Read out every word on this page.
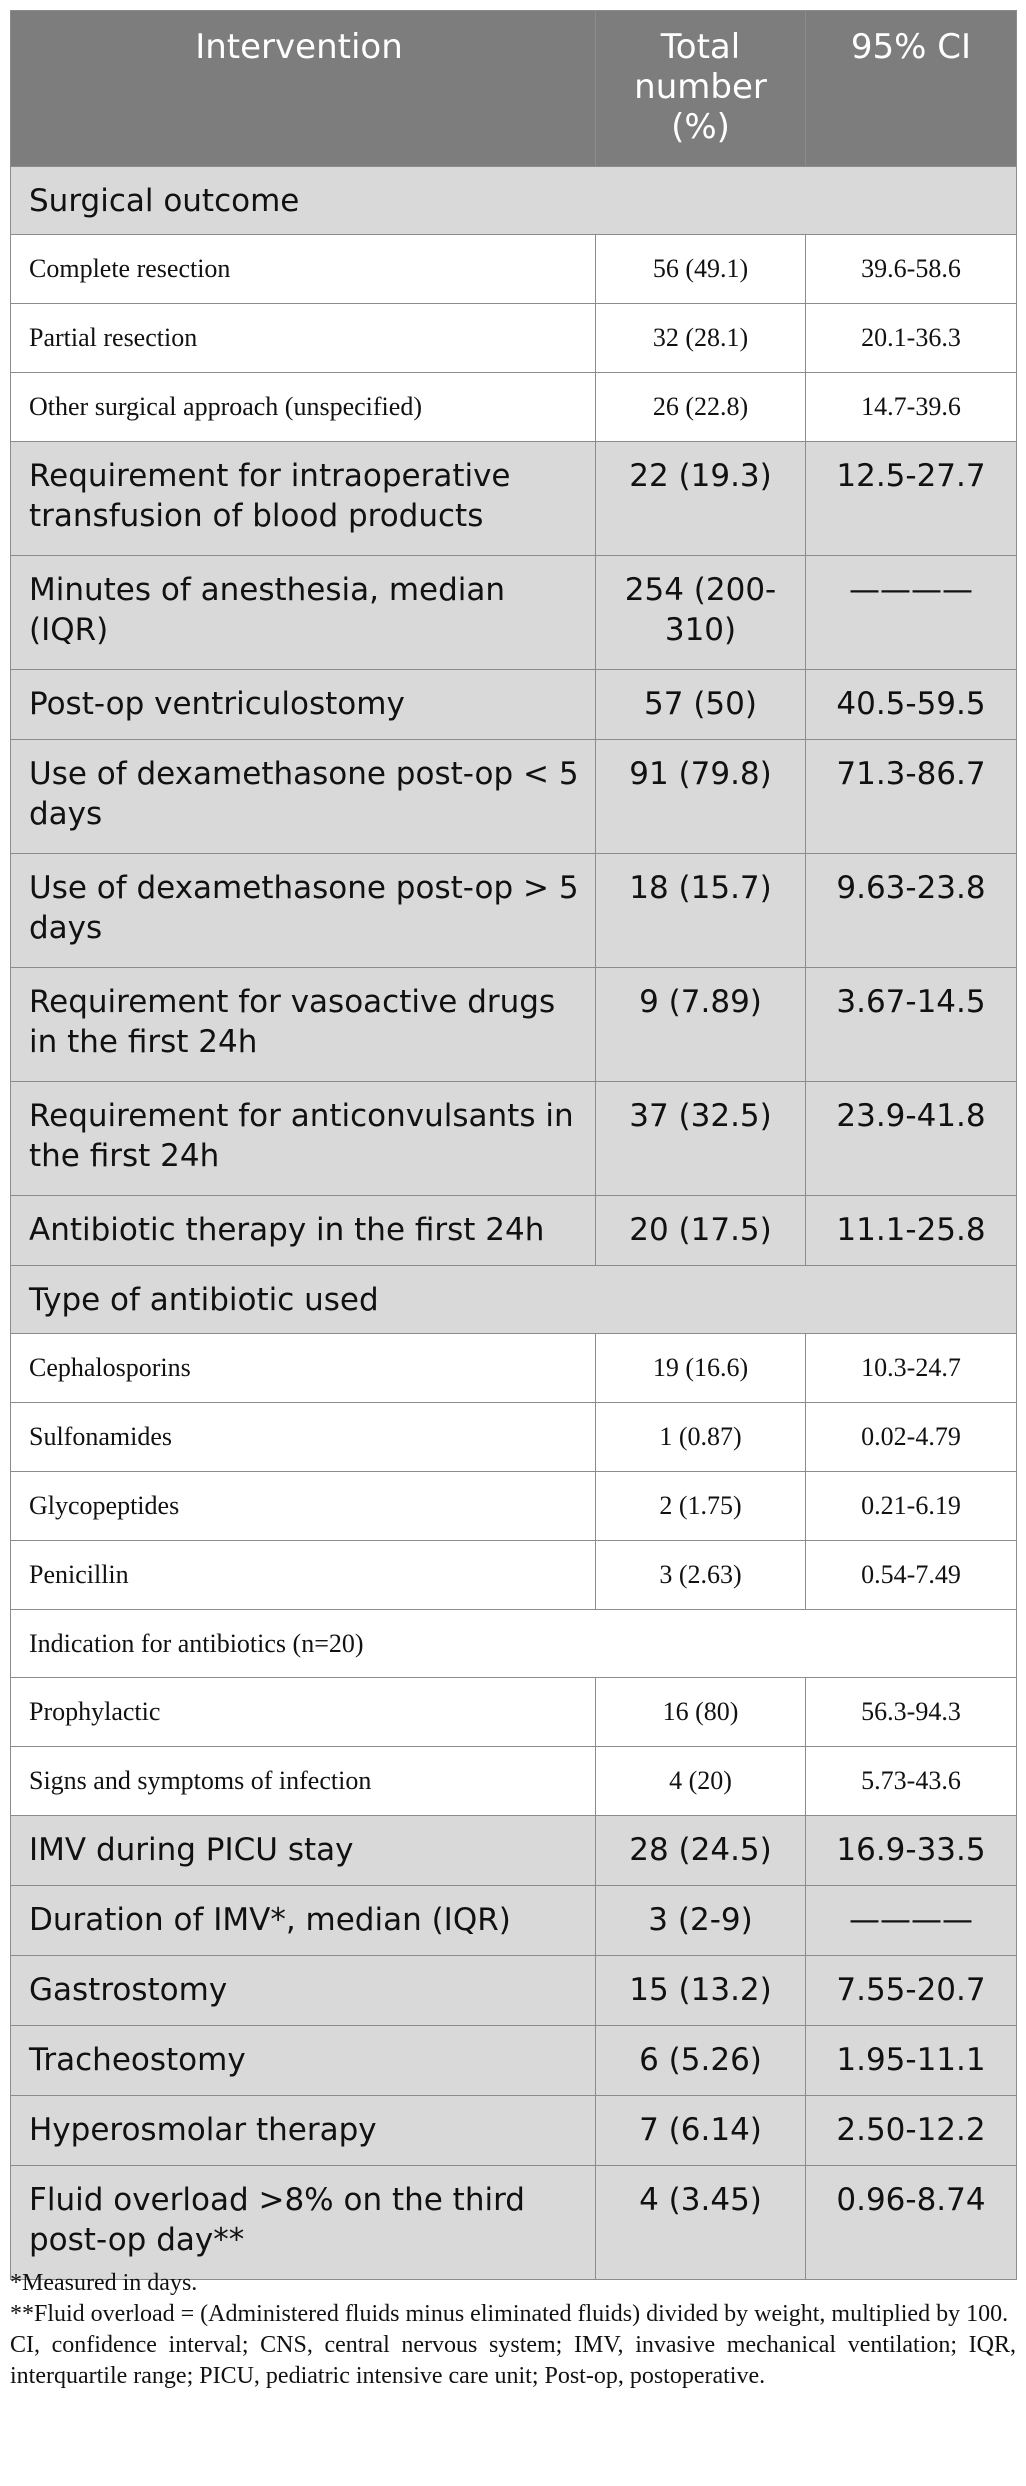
Intervention	Total number (%)	95% CI
Surgical outcome		
Complete resection	56 (49.1)	39.6-58.6
Partial resection	32 (28.1)	20.1-36.3
Other surgical approach (unspecified)	26 (22.8)	14.7-39.6
Requirement for intraoperative transfusion of blood products	22 (19.3)	12.5-27.7
Minutes of anesthesia, median (IQR)	254 (200-310)	————
Post-op ventriculostomy	57 (50)	40.5-59.5
Use of dexamethasone post-op < 5 days	91 (79.8)	71.3-86.7
Use of dexamethasone post-op > 5 days	18 (15.7)	9.63-23.8
Requirement for vasoactive drugs in the first 24h	9 (7.89)	3.67-14.5
Requirement for anticonvulsants in the first 24h	37 (32.5)	23.9-41.8
Antibiotic therapy in the first 24h	20 (17.5)	11.1-25.8
Type of antibiotic used		
Cephalosporins	19 (16.6)	10.3-24.7
Sulfonamides	1 (0.87)	0.02-4.79
Glycopeptides	2 (1.75)	0.21-6.19
Penicillin	3 (2.63)	0.54-7.49
Indication for antibiotics (n=20)		
Prophylactic	16 (80)	56.3-94.3
Signs and symptoms of infection	4 (20)	5.73-43.6
IMV during PICU stay	28 (24.5)	16.9-33.5
Duration of IMV*, median (IQR)	3 (2-9)	————
Gastrostomy	15 (13.2)	7.55-20.7
Tracheostomy	6 (5.26)	1.95-11.1
Hyperosmolar therapy	7 (6.14)	2.50-12.2
Fluid overload >8% on the third post-op day**	4 (3.45)	0.96-8.74

*Measured in days.

**Fluid overload = (Administered fluids minus eliminated fluids) divided by weight, multiplied by 100.

CI, confidence interval; CNS, central nervous system; IMV, invasive mechanical ventilation; IQR, interquartile range; PICU, pediatric intensive care unit; Post-op, postoperative.
